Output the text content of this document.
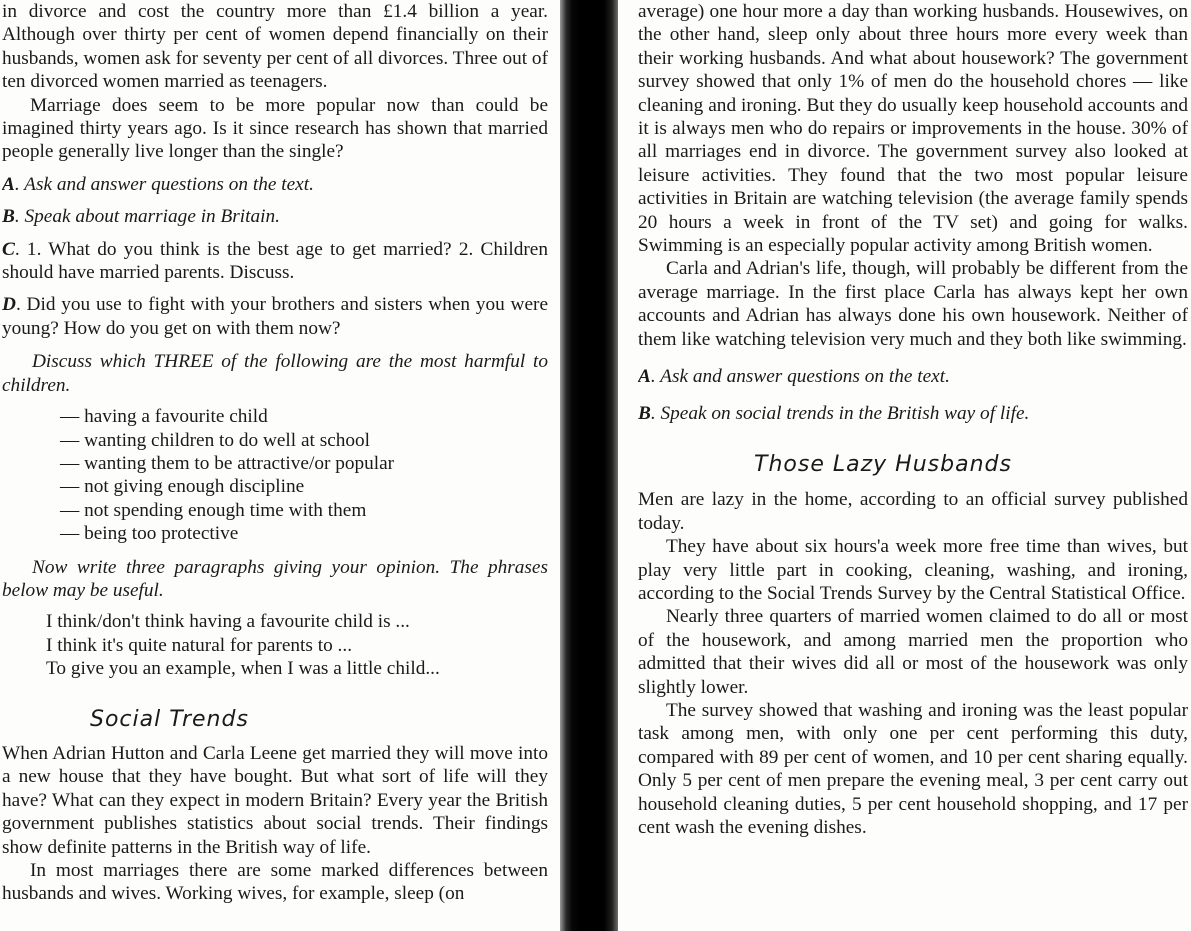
in divorce and cost the country more than £1.4 billion a year. Although over thirty per cent of women depend financially on their husbands, women ask for seventy per cent of all divorces. Three out of ten divorced women married as teenagers.

Marriage does seem to be more popular now than could be imagined thirty years ago. Is it since research has shown that married people generally live longer than the single?

A. Ask and answer questions on the text.

B. Speak about marriage in Britain.

C. 1. What do you think is the best age to get married? 2. Children should have married parents. Discuss.

D. Did you use to fight with your brothers and sisters when you were young? How do you get on with them now?

Discuss which THREE of the following are the most harmful to children.

— having a favourite child
— wanting children to do well at school
— wanting them to be attractive/or popular
— not giving enough discipline
— not spending enough time with them
— being too protective

Now write three paragraphs giving your opinion. The phrases below may be useful.

I think/don't think having a favourite child is ...
I think it's quite natural for parents to ...
To give you an example, when I was a little child...
Social Trends

When Adrian Hutton and Carla Leene get married they will move into a new house that they have bought. But what sort of life will they have? What can they expect in modern Britain? Every year the British government publishes statistics about social trends. Their findings show definite patterns in the British way of life.

In most marriages there are some marked differences between husbands and wives. Working wives, for example, sleep (on

average) one hour more a day than working husbands. Housewives, on the other hand, sleep only about three hours more every week than their working husbands. And what about housework? The government survey showed that only 1% of men do the household chores — like cleaning and ironing. But they do usually keep household accounts and it is always men who do repairs or improvements in the house. 30% of all marriages end in divorce. The government survey also looked at leisure activities. They found that the two most popular leisure activities in Britain are watching television (the average family spends 20 hours a week in front of the TV set) and going for walks. Swimming is an especially popular activity among British women.

Carla and Adrian's life, though, will probably be different from the average marriage. In the first place Carla has always kept her own accounts and Adrian has always done his own housework. Neither of them like watching television very much and they both like swimming.

A. Ask and answer questions on the text.

B. Speak on social trends in the British way of life.

Those Lazy Husbands

Men are lazy in the home, according to an official survey published today.

They have about six hours'a week more free time than wives, but play very little part in cooking, cleaning, washing, and ironing, according to the Social Trends Survey by the Central Statistical Office.

Nearly three quarters of married women claimed to do all or most of the housework, and among married men the proportion who admitted that their wives did all or most of the housework was only slightly lower.

The survey showed that washing and ironing was the least popular task among men, with only one per cent performing this duty, compared with 89 per cent of women, and 10 per cent sharing equally. Only 5 per cent of men prepare the evening meal, 3 per cent carry out household cleaning duties, 5 per cent household shopping, and 17 per cent wash the evening dishes.
